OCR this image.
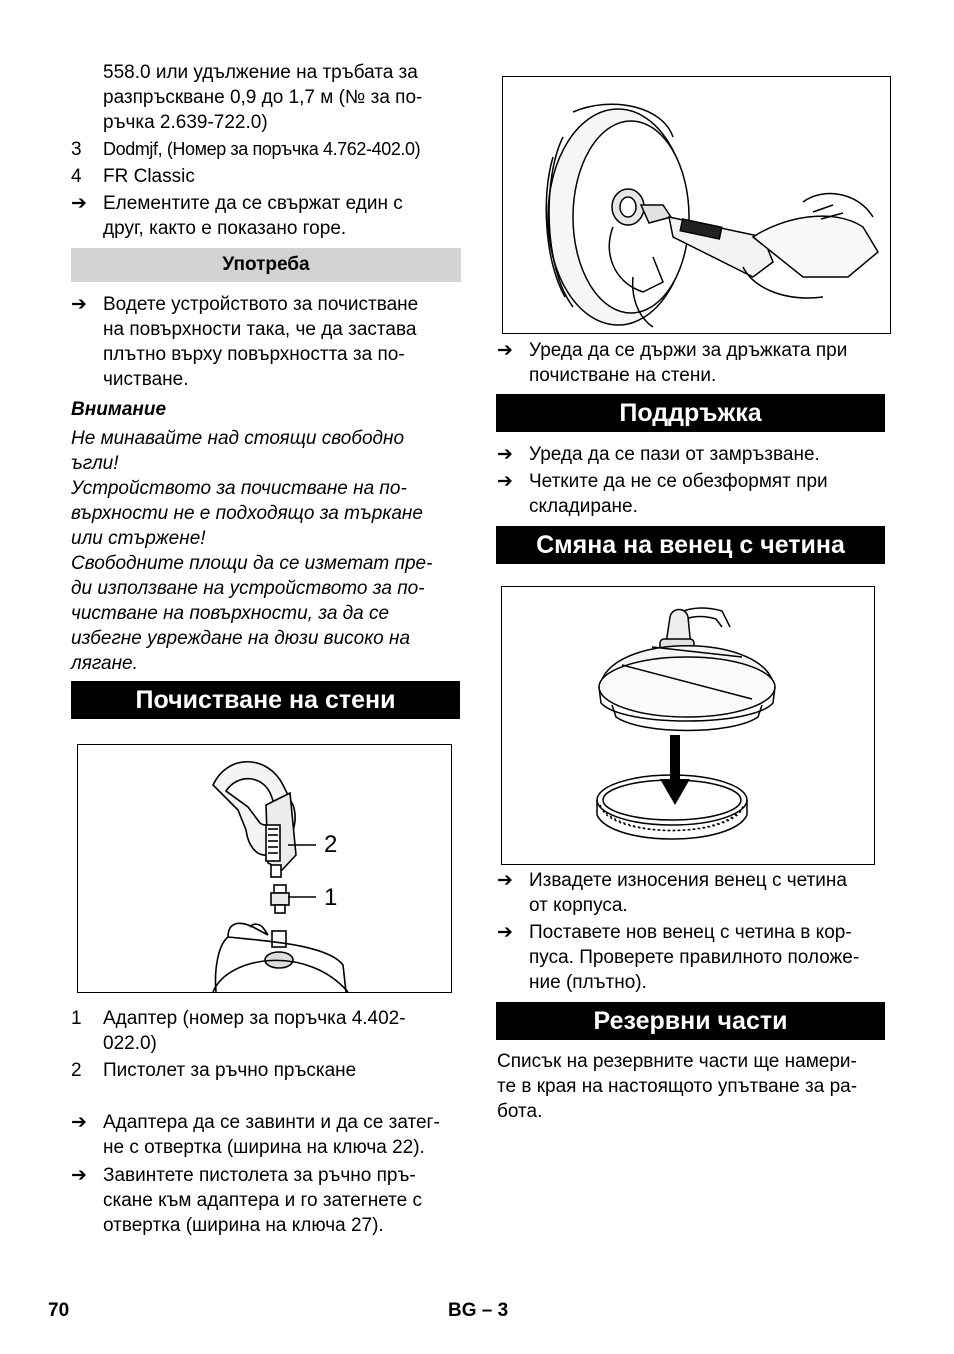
558.0 или удължение на тръбата за
разпръскване 0,9 до 1,7 м (№ за по-
ръчка 2.639-722.0)
3 Dodmjf, (Номер за поръчка 4.762-402.0)
4 FR Classic
➔ Елементите да се свържат един с
друг, както е показано горе.
Употреба
➔ Водете устройството за почистване
на повърхности така, че да застава
плътно върху повърхността за по-
чистване.
Внимание
Не минавайте над стоящи свободно
ъгли!
Устройството за почистване на по-
върхности не е подходящо за търкане
или стържене!
Свободните площи да се изметат пре-
ди използване на устройството за по-
чистване на повърхности, за да се
избегне увреждане на дюзи високо на
лягане.
Почистване на стени
2
1
1 Адаптер (номер за поръчка 4.402-
022.0)
2 Пистолет за ръчно пръскане
➔ Адаптера да се завинти и да се затег-
не с отвертка (ширина на ключа 22).
➔ Завинтете пистолета за ръчно пръ-
скане към адаптера и го затегнете с
отвертка (ширина на ключа 27).
➔ Уреда да се държи за дръжката при
почистване на стени.
Поддръжка
➔ Уреда да се пази от замръзване.
➔ Четките да не се обезформят при
складиране.
Смяна на венец с четина
➔ Извадете износения венец с четина
от корпуса.
➔ Поставете нов венец с четина в кор-
пуса. Проверете правилното положе-
ние (плътно).
Резервни части
Списък на резервните части ще намери-
те в края на настоящото упътване за ра-
бота.
70	BG – 3
